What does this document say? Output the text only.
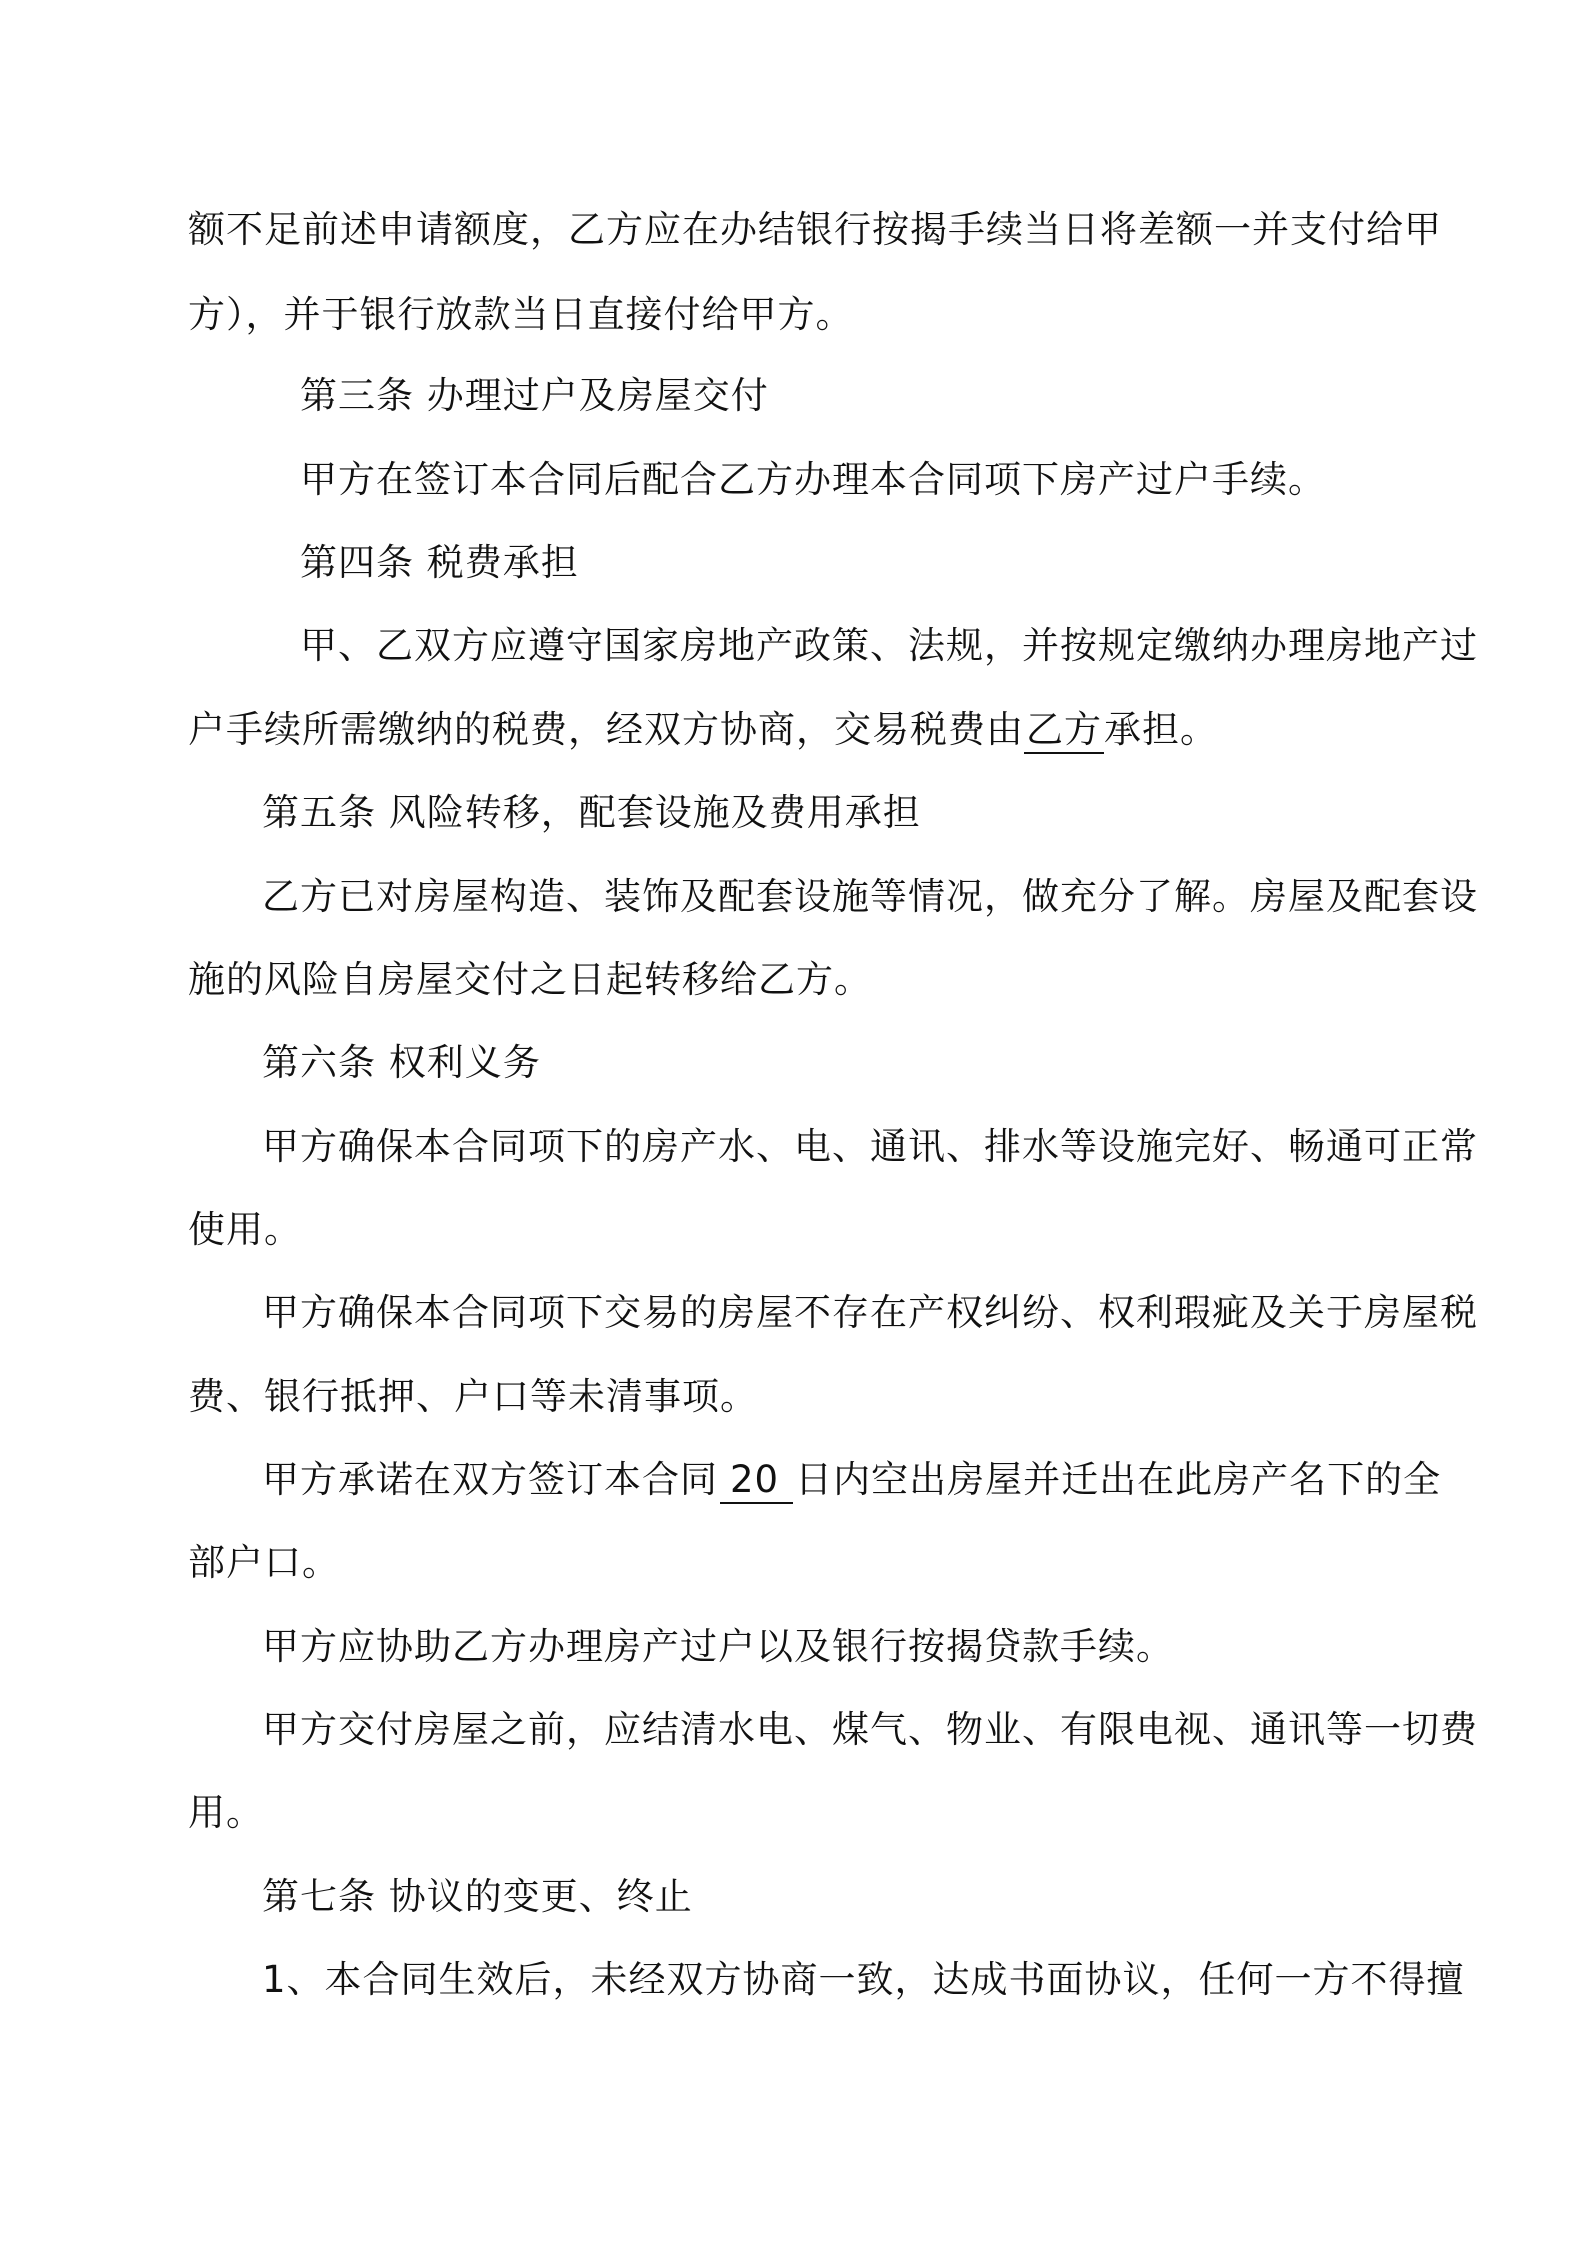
额不足前述申请额度，乙方应在办结银行按揭手续当日将差额一并支付给甲
方），并于银行放款当日直接付给甲方。
第三条 办理过户及房屋交付
甲方在签订本合同后配合乙方办理本合同项下房产过户手续。
第四条 税费承担
甲、乙双方应遵守国家房地产政策、法规，并按规定缴纳办理房地产过
户手续所需缴纳的税费，经双方协商，交易税费由乙方承担。
第五条 风险转移，配套设施及费用承担
乙方已对房屋构造、装饰及配套设施等情况，做充分了解。房屋及配套设
施的风险自房屋交付之日起转移给乙方。
第六条 权利义务
甲方确保本合同项下的房产水、电、通讯、排水等设施完好、畅通可正常
使用。
甲方确保本合同项下交易的房屋不存在产权纠纷、权利瑕疵及关于房屋税
费、银行抵押、户口等未清事项。
甲方承诺在双方签订本合同 20 日内空出房屋并迁出在此房产名下的全
部户口。
甲方应协助乙方办理房产过户以及银行按揭贷款手续。
甲方交付房屋之前，应结清水电、煤气、物业、有限电视、通讯等一切费
用。
第七条 协议的变更、终止
1、本合同生效后，未经双方协商一致，达成书面协议，任何一方不得擅
